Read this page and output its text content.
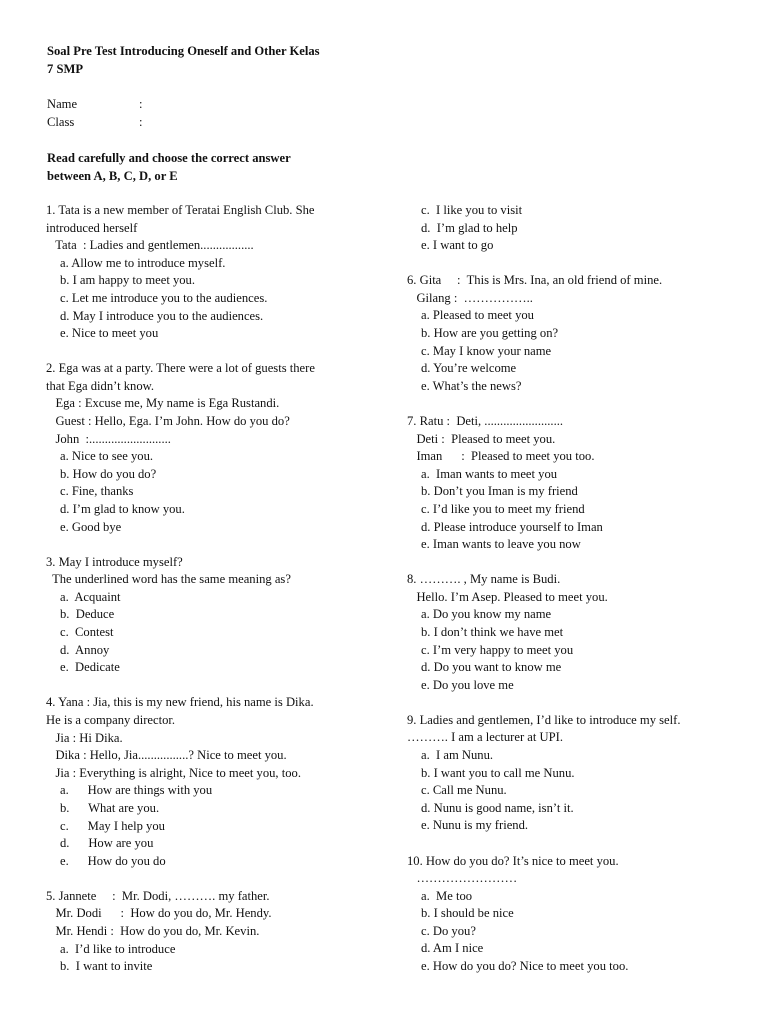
Soal Pre Test Introducing Oneself and Other Kelas
7 SMP
Name	:
Class	:
Read carefully and choose the correct answer
between A, B, C, D, or E
1. Tata is a new member of Teratai English Club. She
introduced herself
Tata  : Ladies and gentlemen.................
a. Allow me to introduce myself.
b. I am happy to meet you.
c. Let me introduce you to the audiences.
d. May I introduce you to the audiences.
e. Nice to meet you
2. Ega was at a party. There were a lot of guests there
that Ega didn’t know.
Ega : Excuse me, My name is Ega Rustandi.
Guest : Hello, Ega. I’m John. How do you do?
John  :..........................
a. Nice to see you.
b. How do you do?
c. Fine, thanks
d. I’m glad to know you.
e. Good bye
3. May I introduce myself?
The underlined word has the same meaning as?
a.  Acquaint
b.  Deduce
c.  Contest
d.  Annoy
e.  Dedicate
4. Yana : Jia, this is my new friend, his name is Dika.
He is a company director.
Jia : Hi Dika.
Dika : Hello, Jia................? Nice to meet you.
Jia : Everything is alright, Nice to meet you, too.
a.      How are things with you
b.      What are you.
c.      May I help you
d.      How are you
e.      How do you do
5. Jannete     :  Mr. Dodi, ………. my father.
Mr. Dodi      :  How do you do, Mr. Hendy.
Mr. Hendi :  How do you do, Mr. Kevin.
a.  I’d like to introduce
b.  I want to invite
c.  I like you to visit
d.  I’m glad to help
e. I want to go
6. Gita     :  This is Mrs. Ina, an old friend of mine.
Gilang :  ……………..
a. Pleased to meet you
b. How are you getting on?
c. May I know your name
d. You’re welcome
e. What’s the news?
7. Ratu :  Deti, .........................
Deti :  Pleased to meet you.
Iman      :  Pleased to meet you too.
a.  Iman wants to meet you
b. Don’t you Iman is my friend
c. I’d like you to meet my friend
d. Please introduce yourself to Iman
e. Iman wants to leave you now
8. ………. , My name is Budi.
Hello. I’m Asep. Pleased to meet you.
a. Do you know my name
b. I don’t think we have met
c. I’m very happy to meet you
d. Do you want to know me
e. Do you love me
9. Ladies and gentlemen, I’d like to introduce my self.
………. I am a lecturer at UPI.
a.  I am Nunu.
b. I want you to call me Nunu.
c. Call me Nunu.
d. Nunu is good name, isn’t it.
e. Nunu is my friend.
10. How do you do? It’s nice to meet you.
……………………
a.  Me too
b. I should be nice
c. Do you?
d. Am I nice
e. How do you do? Nice to meet you too.
